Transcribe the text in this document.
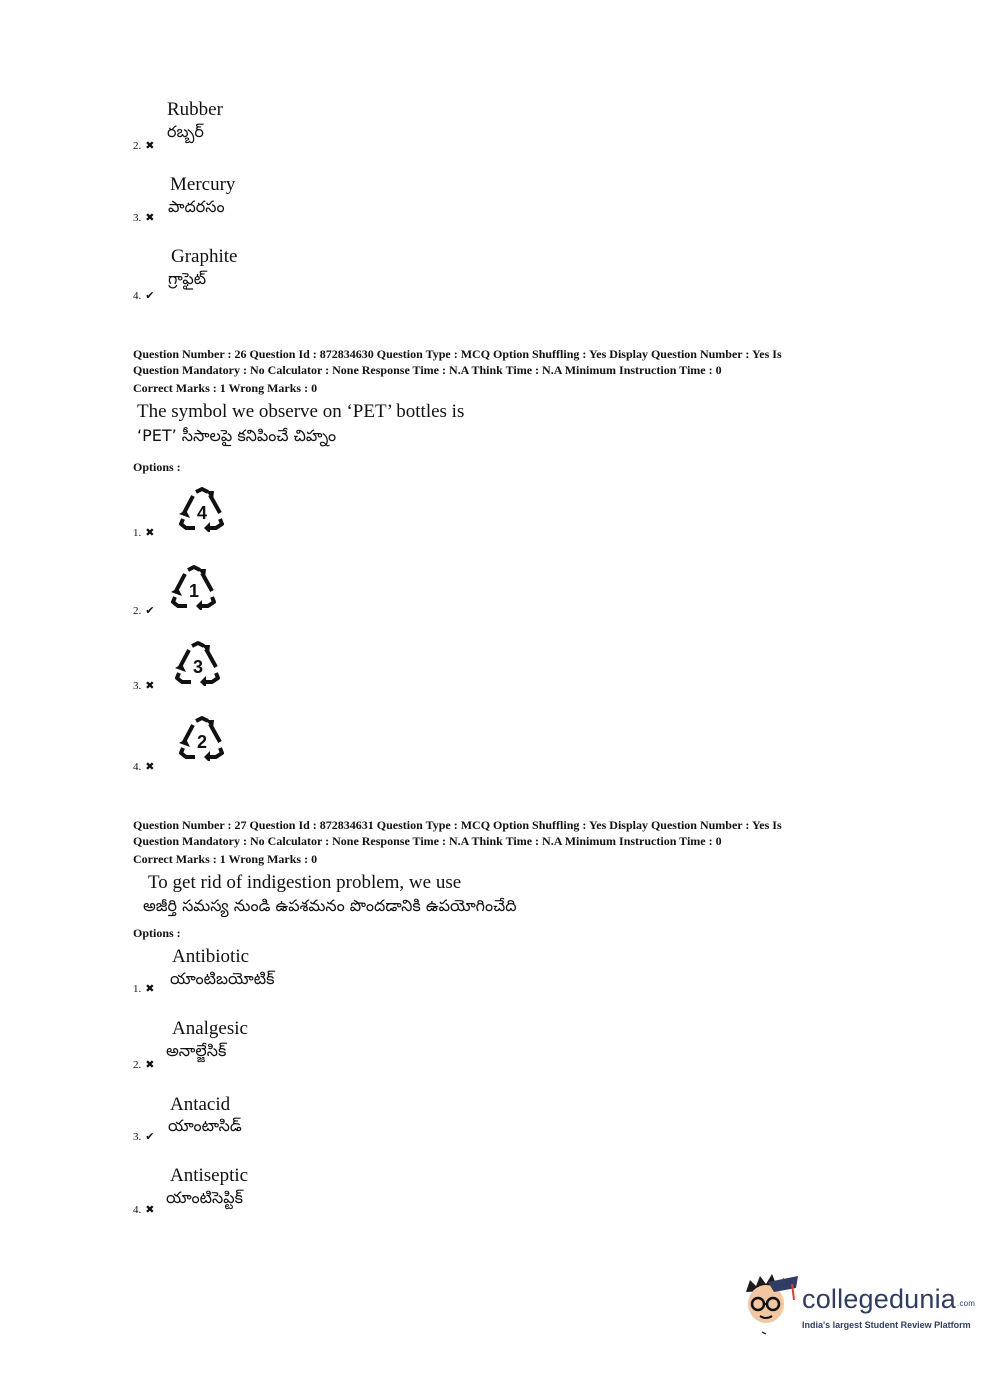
Rubber
రబ్బర్
2. ✖
Mercury
పాదరసం
3. ✖
Graphite
గ్రాఫైట్
4. ✔
Question Number : 26 Question Id : 872834630 Question Type : MCQ Option Shuffling : Yes Display Question Number : Yes Is
Question Mandatory : No Calculator : None Response Time : N.A Think Time : N.A Minimum Instruction Time : 0
Correct Marks : 1 Wrong Marks : 0
The symbol we observe on ‘PET’ bottles is
‘PET’ సీసాలపై కనిపించే చిహ్నం
Options :
4
1. ✖
1
2. ✔
3
3. ✖
2
4. ✖
Question Number : 27 Question Id : 872834631 Question Type : MCQ Option Shuffling : Yes Display Question Number : Yes Is
Question Mandatory : No Calculator : None Response Time : N.A Think Time : N.A Minimum Instruction Time : 0
Correct Marks : 1 Wrong Marks : 0
To get rid of indigestion problem, we use
అజీర్తి సమస్య నుండి ఉపశమనం పొందడానికి ఉపయోగించేది
Options :
Antibiotic
యాంటిబయోటిక్
1. ✖
Analgesic
అనాల్జేసిక్
2. ✖
Antacid
యాంటాసిడ్
3. ✔
Antiseptic
యాంటిసెప్టిక్
4. ✖
collegedunia.com
India's largest Student Review Platform
